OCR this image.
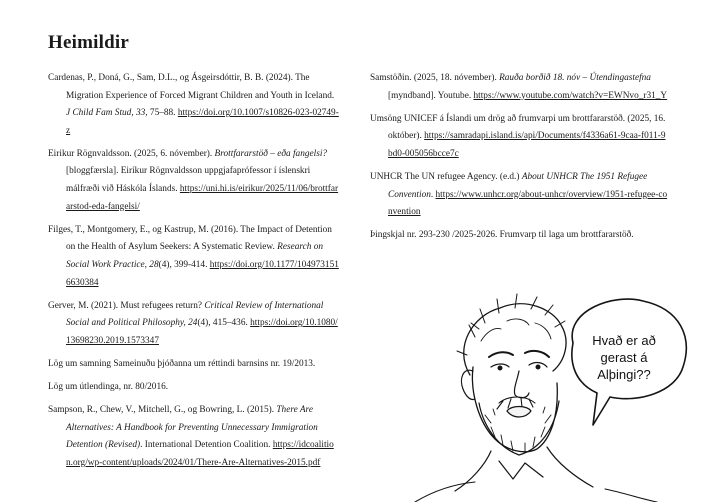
Heimildir

Cardenas, P., Doná, G., Sam, D.L., og Ásgeirsdóttir, B. B. (2024). The Migration Experience of Forced Migrant Children and Youth in Iceland. J Child Fam Stud, 33, 75–88. https://doi.org/10.1007/s10826-023-02749-z

Eirikur Rögnvaldsson. (2025, 6. nóvember). Brottfararstöð – eða fangelsi? [bloggfærsla]. Eiríkur Rögnvaldsson uppgjafaprófessor í íslenskri málfræði við Háskóla Íslands. https://uni.hi.is/eirikur/2025/11/06/brottfararstod-eda-fangelsi/

Filges, T., Montgomery, E., og Kastrup, M. (2016). The Impact of Detention on the Health of Asylum Seekers: A Systematic Review. Research on Social Work Practice, 28(4), 399-414. https://doi.org/10.1177/1049731516630384

Gerver, M. (2021). Must refugees return? Critical Review of International Social and Political Philosophy, 24(4), 415–436. https://doi.org/10.1080/13698230.2019.1573347

Lög um samning Sameinuðu þjóðanna um réttindi barnsins nr. 19/2013.

Lög um útlendinga, nr. 80/2016.

Sampson, R., Chew, V., Mitchell, G., og Bowring, L. (2015). There Are Alternatives: A Handbook for Preventing Unnecessary Immigration Detention (Revised). International Detention Coalition. https://idcoalition.org/wp-content/uploads/2024/01/There-Are-Alternatives-2015.pdf

Samstöðin. (2025, 18. nóvember). Rauða borðið 18. nóv – Útendingastefna [myndband]. Youtube. https://www.youtube.com/watch?v=EWNvo_r31_Y

Umsöng UNICEF á Íslandi um drög að frumvarpi um brottfararstöð. (2025, 16. október). https://samradapi.island.is/api/Documents/f4336a61-9caa-f011-9bd0-005056bcce7c

UNHCR The UN refugee Agency. (e.d.) About UNHCR The 1951 Refugee Convention. https://www.unhcr.org/about-unhcr/overview/1951-refugee-convention

Þingskjal nr. 293-230 /2025-2026. Frumvarp til laga um brottfararstöð.

Hvað er að
gerast á
Alþingi??
